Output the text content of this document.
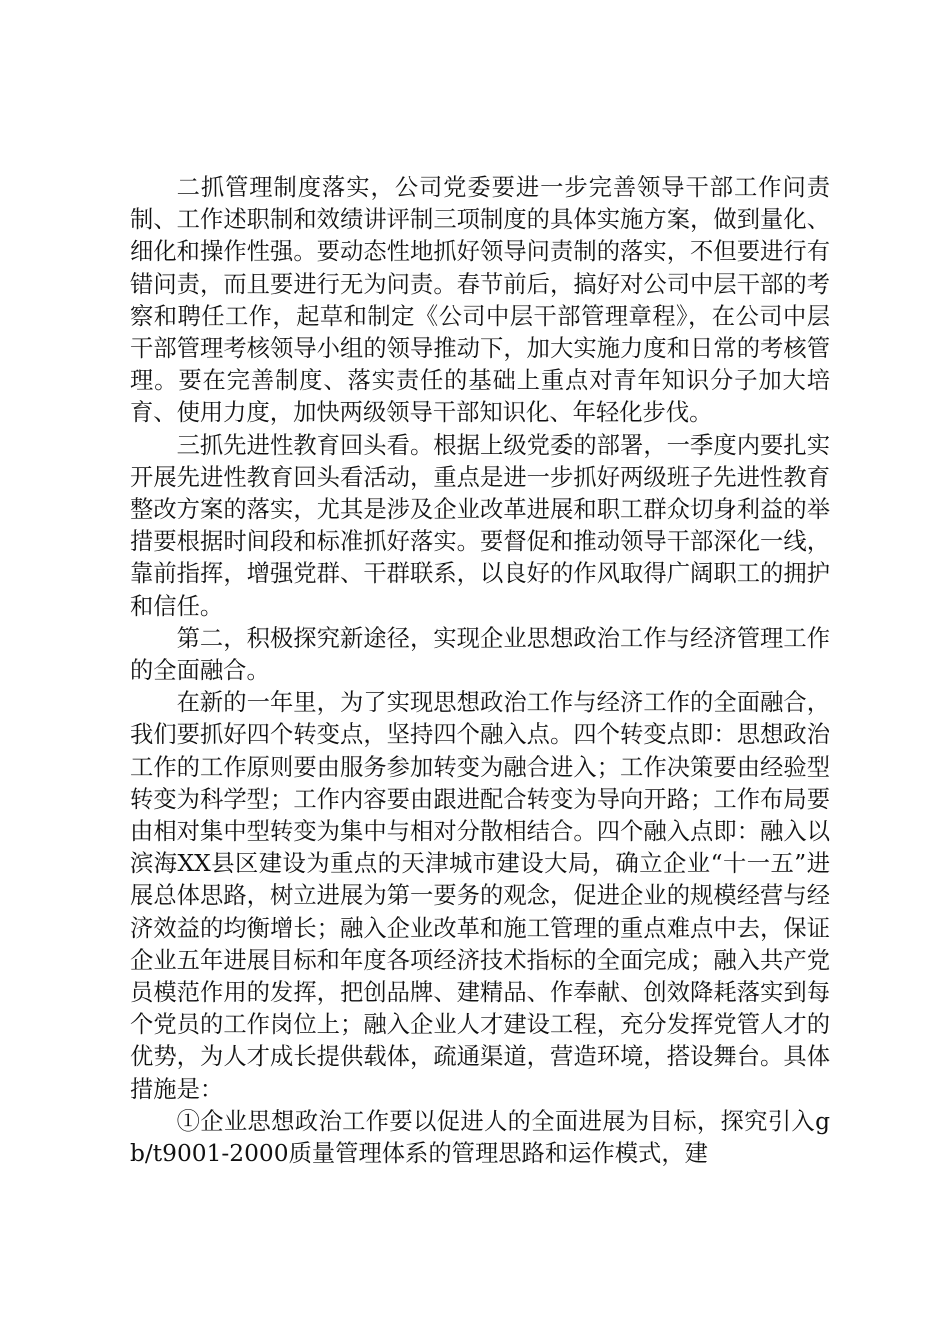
二抓管理制度落实，公司党委要进一步完善领导干部工作问责制、工作述职制和效绩讲评制三项制度的具体实施方案，做到量化、细化和操作性强。要动态性地抓好领导问责制的落实，不但要进行有错问责，而且要进行无为问责。春节前后，搞好对公司中层干部的考察和聘任工作，起草和制定《公司中层干部管理章程》，在公司中层干部管理考核领导小组的领导推动下，加大实施力度和日常的考核管理。要在完善制度、落实责任的基础上重点对青年知识分子加大培育、使用力度，加快两级领导干部知识化、年轻化步伐。

三抓先进性教育回头看。根据上级党委的部署，一季度内要扎实开展先进性教育回头看活动，重点是进一步抓好两级班子先进性教育整改方案的落实，尤其是涉及企业改革进展和职工群众切身利益的举措要根据时间段和标准抓好落实。要督促和推动领导干部深化一线，靠前指挥，增强党群、干群联系，以良好的作风取得广阔职工的拥护和信任。

第二，积极探究新途径，实现企业思想政治工作与经济管理工作的全面融合。

在新的一年里，为了实现思想政治工作与经济工作的全面融合，我们要抓好四个转变点，坚持四个融入点。四个转变点即：思想政治工作的工作原则要由服务参加转变为融合进入；工作决策要由经验型转变为科学型；工作内容要由跟进配合转变为导向开路；工作布局要由相对集中型转变为集中与相对分散相结合。四个融入点即：融入以滨海XX县区建设为重点的天津城市建设大局，确立企业“十一五”进展总体思路，树立进展为第一要务的观念，促进企业的规模经营与经济效益的均衡增长；融入企业改革和施工管理的重点难点中去，保证企业五年进展目标和年度各项经济技术指标的全面完成；融入共产党员模范作用的发挥，把创品牌、建精品、作奉献、创效降耗落实到每个党员的工作岗位上；融入企业人才建设工程，充分发挥党管人才的优势，为人才成长提供载体，疏通渠道，营造环境，搭设舞台。具体措施是：

①企业思想政治工作要以促进人的全面进展为目标，探究引入gb/t9001-2000质量管理体系的管理思路和运作模式，建
